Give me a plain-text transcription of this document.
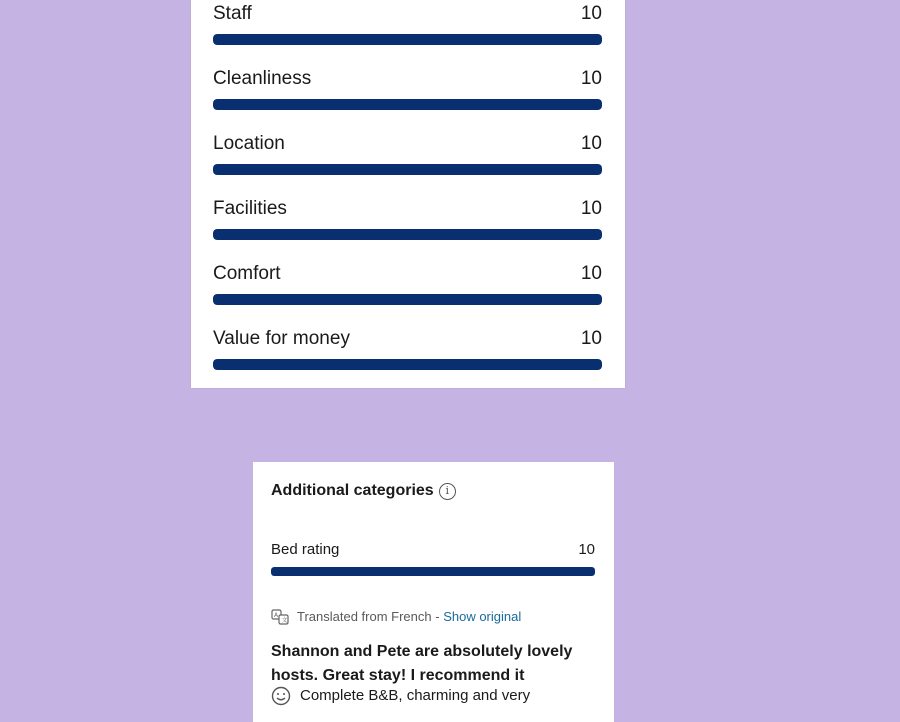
Staff	10
Cleanliness	10
Location	10
Facilities	10
Comfort	10
Value for money	10
Additional categories	i
Bed rating	10
A
文 Translated from French - Show original
Shannon and Pete are absolutely lovely hosts. Great stay! I recommend it
Complete B&B, charming and very
